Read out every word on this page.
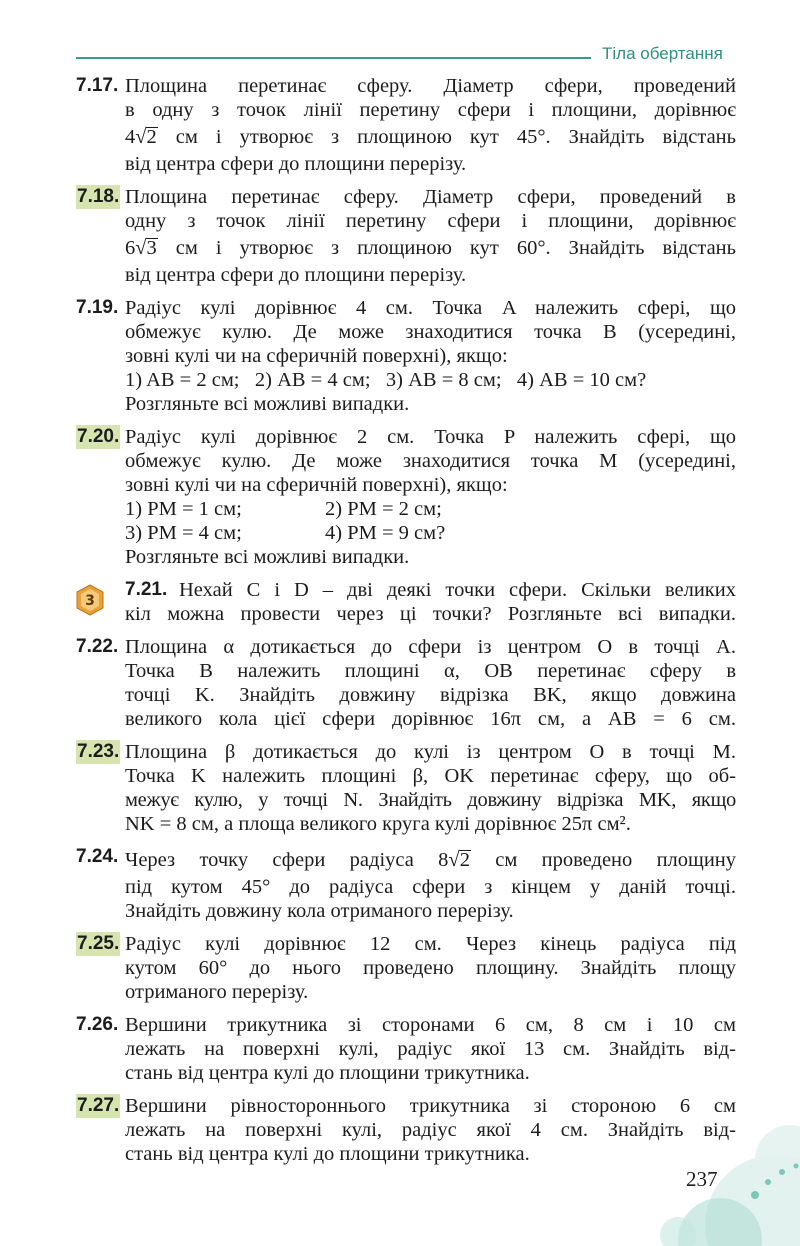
Тіла обертання
7.17. Площина перетинає сферу. Діаметр сфери, проведений
в одну з точок лінії перетину сфери і площини, дорівнює
4√2 см і утворює з площиною кут 45°. Знайдіть відстань
від центра сфери до площини перерізу.
7.18. Площина перетинає сферу. Діаметр сфери, проведений в
одну з точок лінії перетину сфери і площини, дорівнює
6√3 см і утворює з площиною кут 60°. Знайдіть відстань
від центра сфери до площини перерізу.
7.19. Радіус кулі дорівнює 4 см. Точка A належить сфері, що
обмежує кулю. Де може знаходитися точка B (усередині,
зовні кулі чи на сферичній поверхні), якщо:
1) AB = 2 см;   2) AB = 4 см;   3) AB = 8 см;   4) AB = 10 см?
Розгляньте всі можливі випадки.
7.20. Радіус кулі дорівнює 2 см. Точка P належить сфері, що
обмежує кулю. Де може знаходитися точка M (усередині,
зовні кулі чи на сферичній поверхні), якщо:
1) PM = 1 см;	2) PM = 2 см;
3) PM = 4 см;	4) PM = 9 см?
Розгляньте всі можливі випадки.
7.21. Нехай C і D – дві деякі точки сфери. Скільки великих
кіл можна провести через ці точки? Розгляньте всі випадки.
7.22. Площина α дотикається до сфери із центром O в точці A.
Точка B належить площині α, OB перетинає сферу в
точці K. Знайдіть довжину відрізка BK, якщо довжина
великого кола цієї сфери дорівнює 16π см, а AB = 6 см.
7.23. Площина β дотикається до кулі із центром O в точці M.
Точка K належить площині β, OK перетинає сферу, що об-
межує кулю, у точці N. Знайдіть довжину відрізка MK, якщо
NK = 8 см, а площа великого круга кулі дорівнює 25π см².
7.24. Через точку сфери радіуса 8√2 см проведено площину
під кутом 45° до радіуса сфери з кінцем у даній точці.
Знайдіть довжину кола отриманого перерізу.
7.25. Радіус кулі дорівнює 12 см. Через кінець радіуса під
кутом 60° до нього проведено площину. Знайдіть площу
отриманого перерізу.
7.26. Вершини трикутника зі сторонами 6 см, 8 см і 10 см
лежать на поверхні кулі, радіус якої 13 см. Знайдіть від-
стань від центра кулі до площини трикутника.
7.27. Вершини рівностороннього трикутника зі стороною 6 см
лежать на поверхні кулі, радіус якої 4 см. Знайдіть від-
стань від центра кулі до площини трикутника.
3
237
